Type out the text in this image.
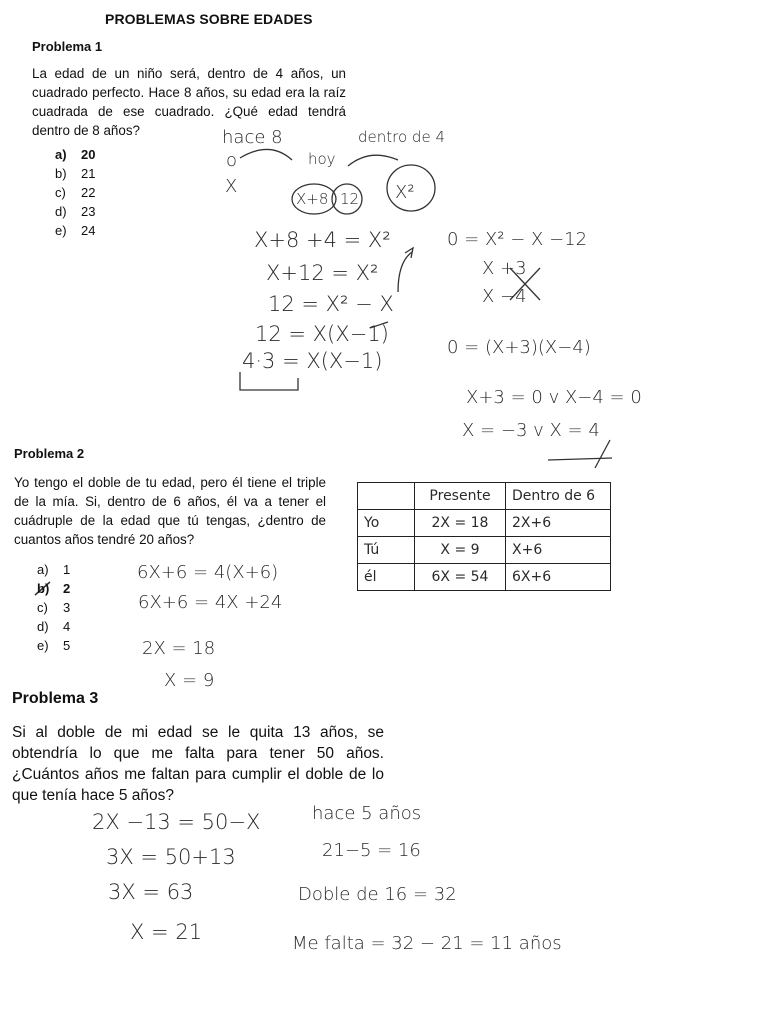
PROBLEMAS SOBRE EDADES
Problema 1
La edad de un niño será, dentro de 4 años, un cuadrado perfecto. Hace 8 años, su edad era la raíz cuadrada de ese cuadrado. ¿Qué edad tendrá dentro de 8 años?
a) 20
b) 21
c) 22
d) 23
e) 24
hace 8
hoy
dentro de 4
o
X
X+8 12 X²
X+8 +4 = X²
X+12 = X²
12 = X² − X
12 = X(X−1)
4·3 = X(X−1)
0 = X² − X −12
X +3
X −4
0 = (X+3)(X−4)
X+3 = 0 v X−4 = 0
X = −3 v X = 4
Problema 2
Yo tengo el doble de tu edad, pero él tiene el triple de la mía. Si, dentro de 6 años, él va a tener el cuádruple de la edad que tú tengas, ¿dentro de cuantos años tendré 20 años?
a) 1
b) 2
c) 3
d) 4
e) 5
	Presente	Dentro de 6
Yo	2X = 18	2X+6
Tú	X = 9	X+6
él	6X = 54	6X+6
6X+6 = 4(X+6)
6X+6 = 4X +24
2X = 18
X = 9
Problema 3
Si al doble de mi edad se le quita 13 años, se obtendría lo que me falta para tener 50 años. ¿Cuántos años me faltan para cumplir el doble de lo que tenía hace 5 años?
2X −13 = 50−X
3X = 50+13
3X = 63
X = 21
hace 5 años
21−5 = 16
Doble de 16 = 32
Me falta = 32 − 21 = 11 años
